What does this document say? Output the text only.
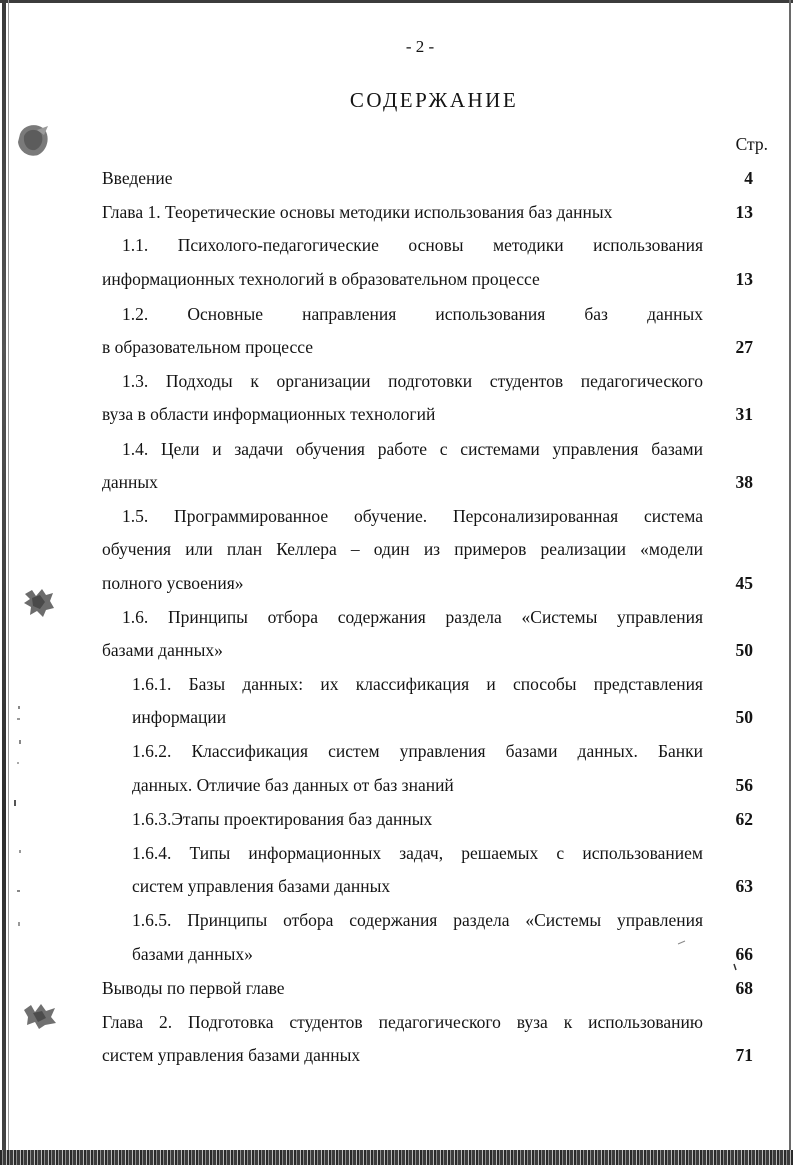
- 2 -
СОДЕРЖАНИЕ
Стр.
Введение	4
Глава 1. Теоретические основы методики использования баз данных	13
1.1. Психолого-педагогические основы методики использования
информационных технологий в образовательном процессе	13
1.2. Основные направления использования баз данных
в образовательном процессе	27
1.3. Подходы к организации подготовки студентов педагогического
вуза в области информационных технологий	31
1.4. Цели и задачи обучения работе с системами управления базами
данных	38
1.5. Программированное обучение. Персонализированная система
обучения или план Келлера – один из примеров реализации «модели
полного усвоения»	45
1.6. Принципы отбора содержания раздела «Системы управления
базами данных»	50
1.6.1. Базы данных: их классификация и способы представления
информации	50
1.6.2. Классификация систем управления базами данных. Банки
данных. Отличие баз данных от баз знаний	56
1.6.3.Этапы проектирования баз данных	62
1.6.4. Типы информационных задач, решаемых с использованием
систем управления базами данных	63
1.6.5. Принципы отбора содержания раздела «Системы управления
базами данных»	66
Выводы по первой главе	68
Глава 2. Подготовка студентов педагогического вуза к использованию
систем управления базами данных	71
